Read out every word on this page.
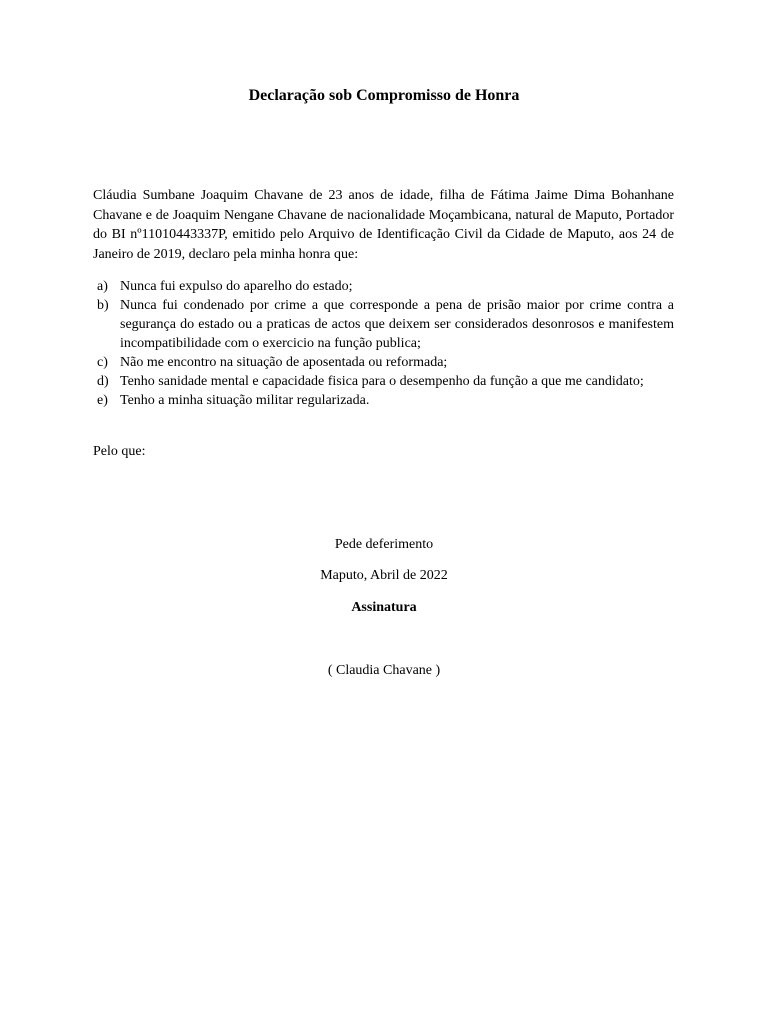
Declaração sob Compromisso de Honra

Cláudia Sumbane Joaquim Chavane de 23 anos de idade, filha de Fátima Jaime Dima Bohanhane Chavane e de Joaquim Nengane Chavane de nacionalidade Moçambicana, natural de Maputo, Portador do BI nº11010443337P, emitido pelo Arquivo de Identificação Civil da Cidade de Maputo, aos 24 de Janeiro de 2019, declaro pela minha honra que:

a) Nunca fui expulso do aparelho do estado;
b) Nunca fui condenado por crime a que corresponde a pena de prisão maior por crime contra a segurança do estado ou a praticas de actos que deixem ser considerados desonrosos e manifestem incompatibilidade com o exercicio na função publica;
c) Não me encontro na situação de aposentada ou reformada;
d) Tenho sanidade mental e capacidade fisica para o desempenho da função a que me candidato;
e) Tenho a minha situação militar regularizada.

Pelo que:

Pede deferimento

Maputo, Abril de 2022

Assinatura

( Claudia Chavane )
